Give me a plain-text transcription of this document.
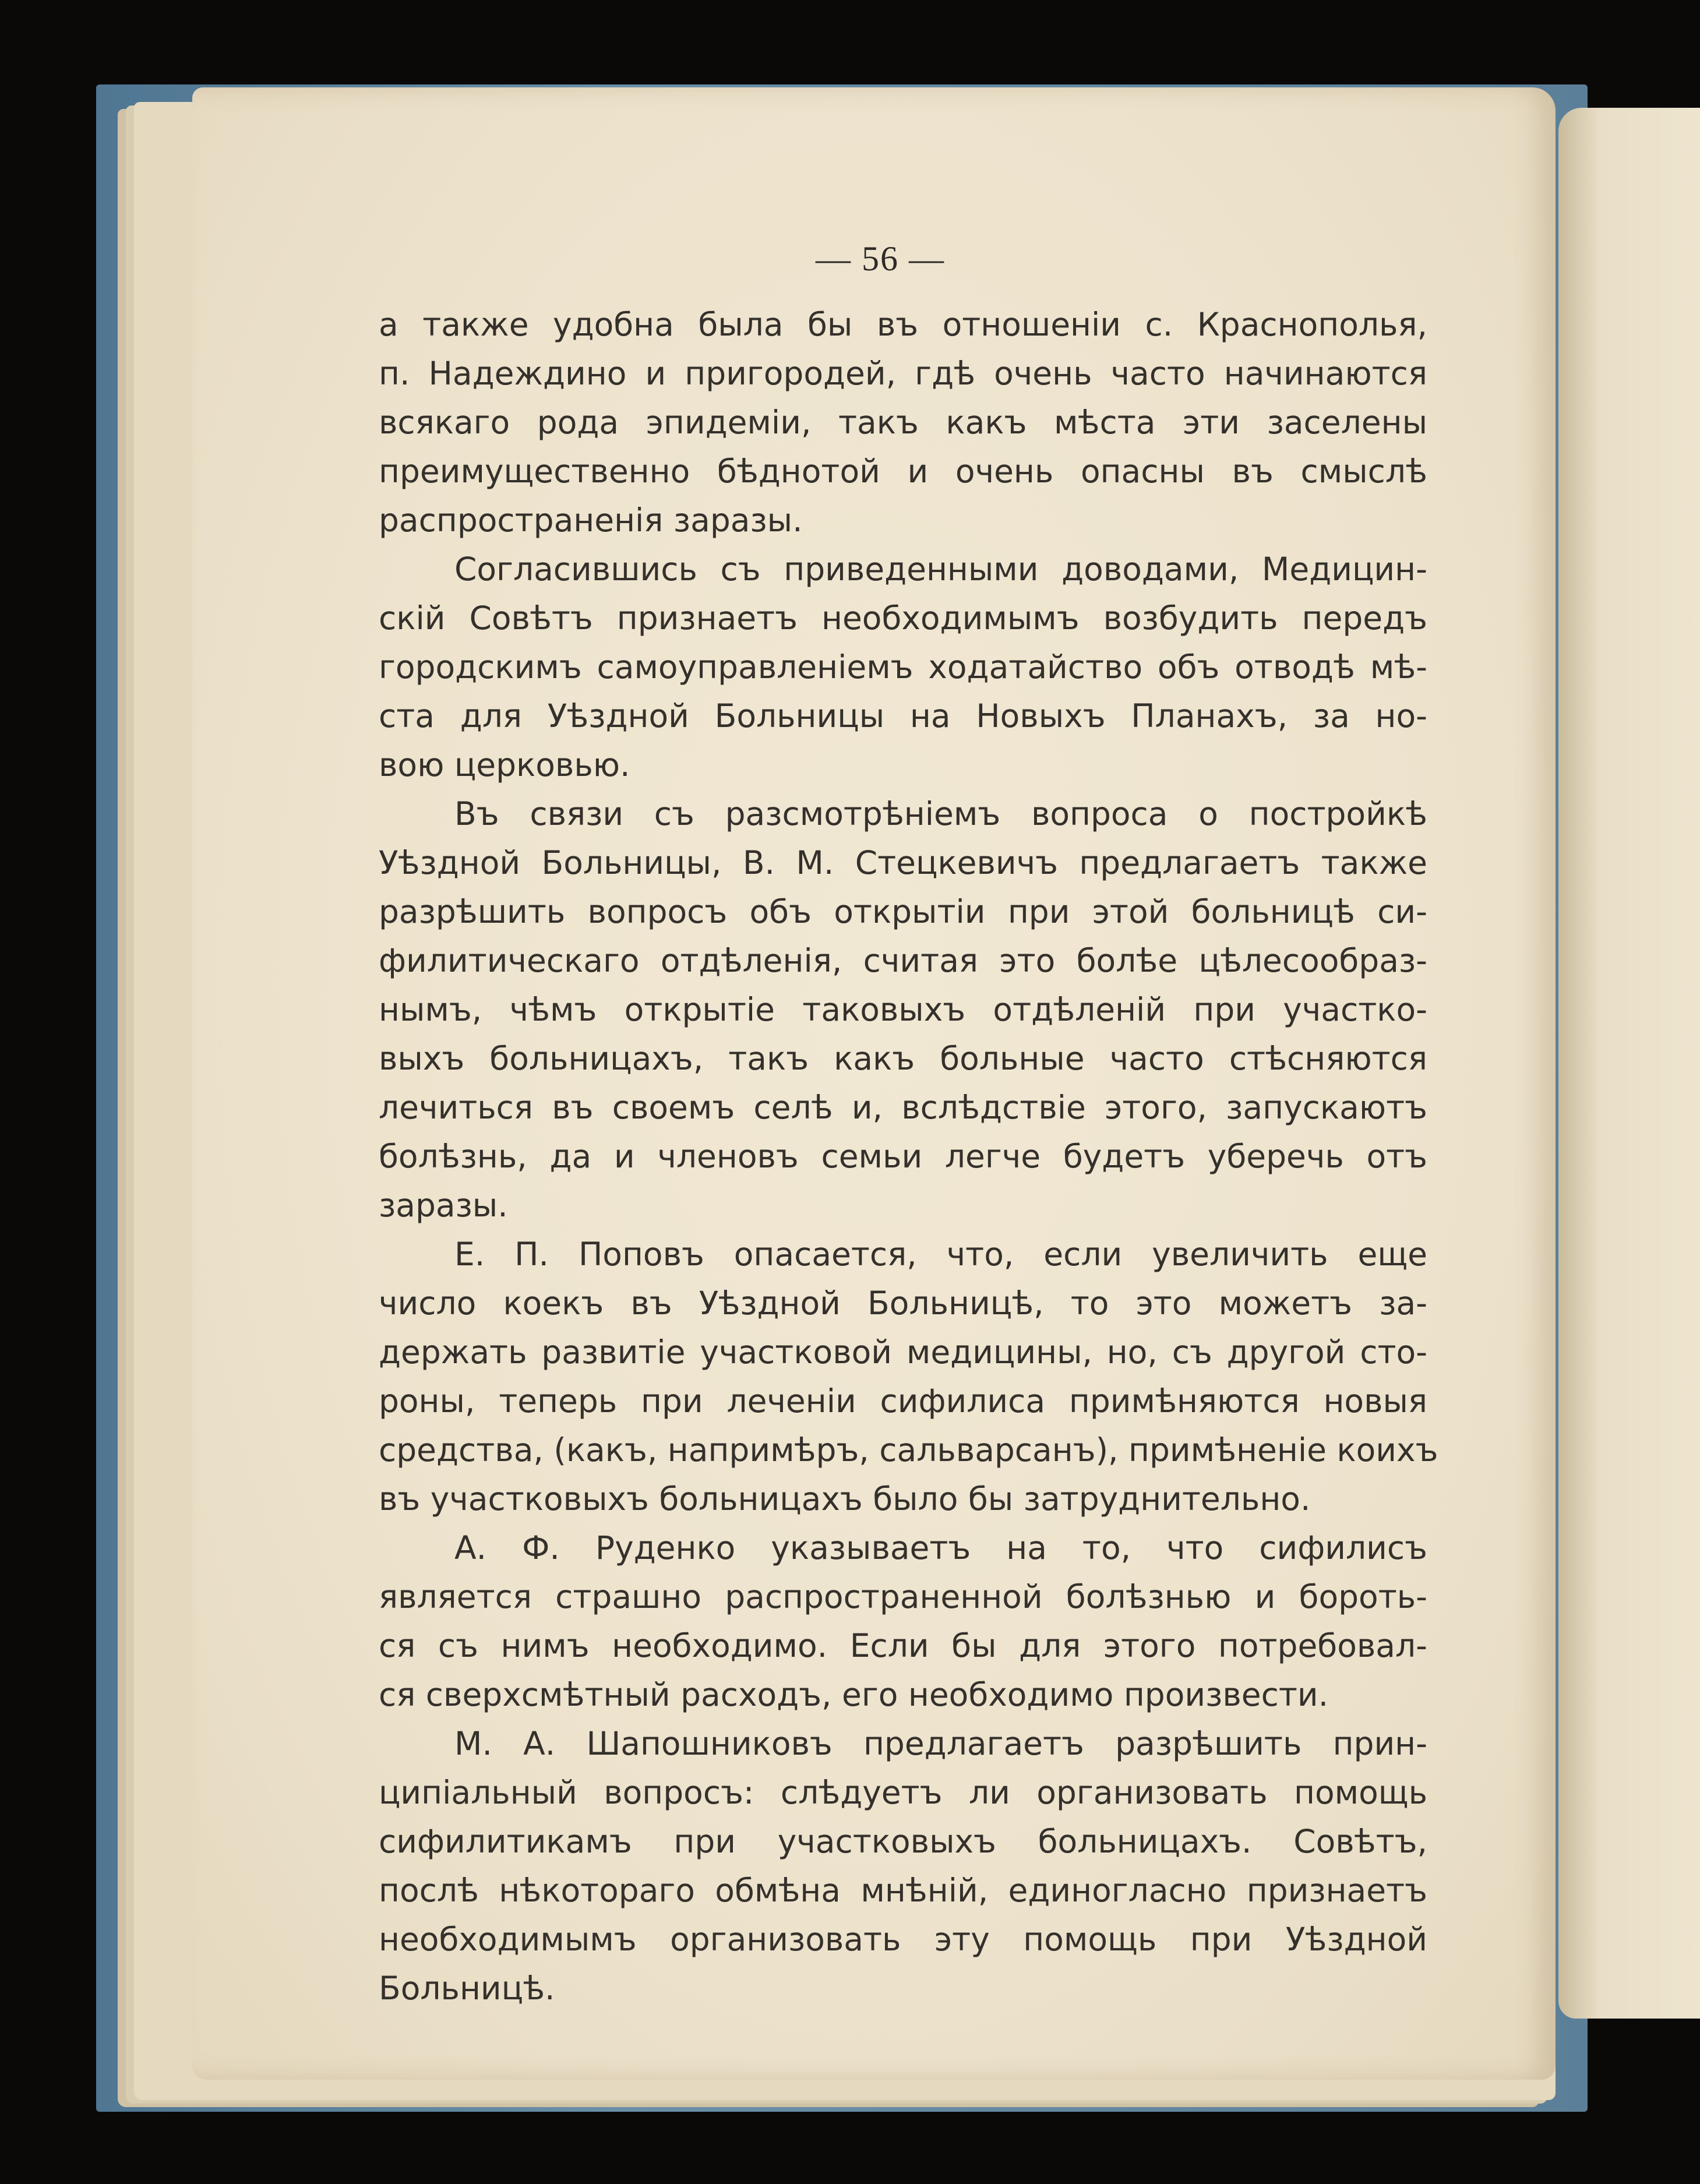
— 56 —
а также удобна была бы въ отношенiи с. Краснополья,
п. Надеждино и пригородей, гдѣ очень часто начинаются
всякаго рода эпидемiи, такъ какъ мѣста эти заселены
преимущественно бѣднотой и очень опасны въ смыслѣ
распространенiя заразы.
Согласившись съ приведенными доводами, Медицин-
скiй Совѣтъ признаетъ необходимымъ возбудить передъ
городскимъ самоуправленiемъ ходатайство объ отводѣ мѣ-
ста для Уѣздной Больницы на Новыхъ Планахъ, за но-
вою церковью.
Въ связи съ разсмотрѣнiемъ вопроса о постройкѣ
Уѣздной Больницы, В. М. Стецкевичъ предлагаетъ также
разрѣшить вопросъ объ открытiи при этой больницѣ си-
филитическаго отдѣленiя, считая это болѣе цѣлесообраз-
нымъ, чѣмъ открытiе таковыхъ отдѣленiй при участко-
выхъ больницахъ, такъ какъ больные часто стѣсняются
лечиться въ своемъ селѣ и, вслѣдствiе этого, запускаютъ
болѣзнь, да и членовъ семьи легче будетъ уберечь отъ
заразы.
Е. П. Поповъ опасается, что, если увеличить еще
число коекъ въ Уѣздной Больницѣ, то это можетъ за-
держать развитiе участковой медицины, но, съ другой сто-
роны, теперь при леченiи сифилиса примѣняются новыя
средства, (какъ, напримѣръ, сальварсанъ), примѣненiе коихъ
въ участковыхъ больницахъ было бы затруднительно.
А. Ф. Руденко указываетъ на то, что сифилисъ
является страшно распространенной болѣзнью и бороть-
ся съ нимъ необходимо. Если бы для этого потребовал-
ся сверхсмѣтный расходъ, его необходимо произвести.
М. А. Шапошниковъ предлагаетъ разрѣшить прин-
ципiальный вопросъ: слѣдуетъ ли организовать помощь
сифилитикамъ при участковыхъ больницахъ. Совѣтъ,
послѣ нѣкотораго обмѣна мнѣнiй, единогласно признаетъ
необходимымъ организовать эту помощь при Уѣздной
Больницѣ.
